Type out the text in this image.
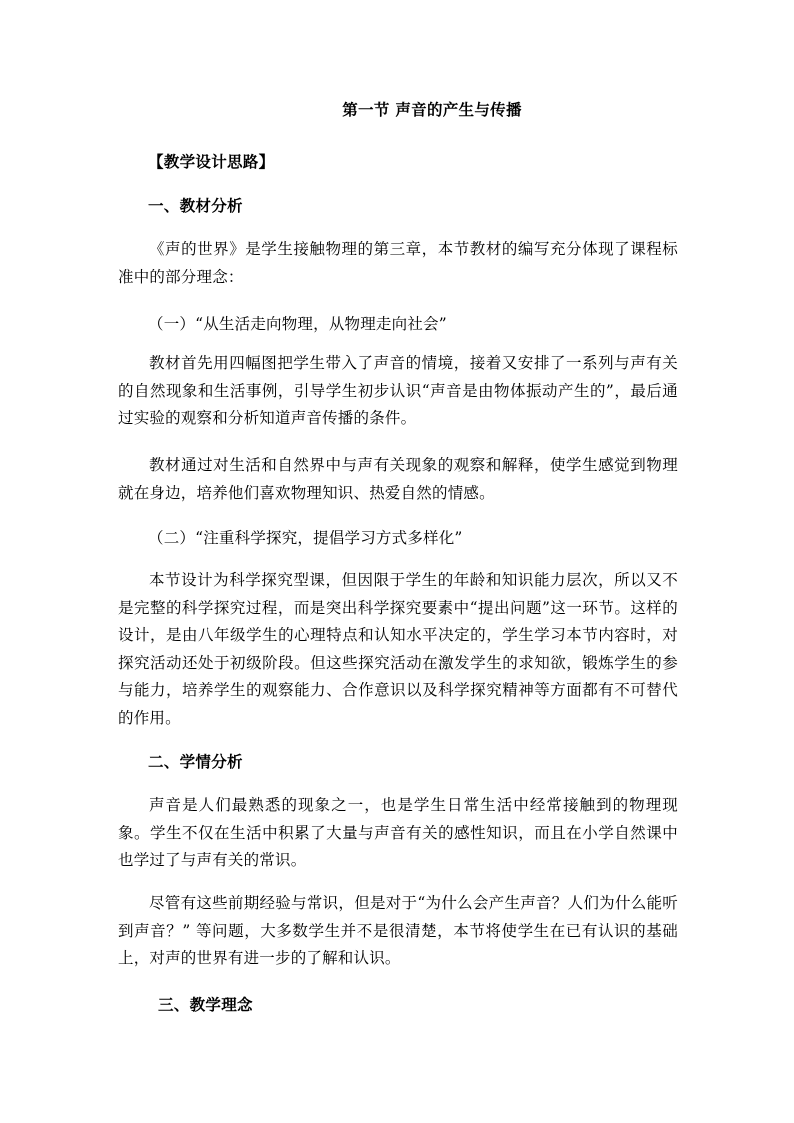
第一节 声音的产生与传播
【教学设计思路】
一、教材分析
《声的世界》是学生接触物理的第三章，本节教材的编写充分体现了课程标准中的部分理念：
（一）“从生活走向物理，从物理走向社会”
教材首先用四幅图把学生带入了声音的情境，接着又安排了一系列与声有关的自然现象和生活事例，引导学生初步认识“声音是由物体振动产生的”，最后通过实验的观察和分析知道声音传播的条件。
教材通过对生活和自然界中与声有关现象的观察和解释，使学生感觉到物理就在身边，培养他们喜欢物理知识、热爱自然的情感。
（二）“注重科学探究，提倡学习方式多样化”
本节设计为科学探究型课，但因限于学生的年龄和知识能力层次，所以又不是完整的科学探究过程，而是突出科学探究要素中“提出问题”这一环节。这样的设计，是由八年级学生的心理特点和认知水平决定的，学生学习本节内容时，对探究活动还处于初级阶段。但这些探究活动在激发学生的求知欲，锻炼学生的参与能力，培养学生的观察能力、合作意识以及科学探究精神等方面都有不可替代的作用。
二、学情分析
声音是人们最熟悉的现象之一，也是学生日常生活中经常接触到的物理现象。学生不仅在生活中积累了大量与声音有关的感性知识，而且在小学自然课中也学过了与声有关的常识。
尽管有这些前期经验与常识，但是对于“为什么会产生声音？人们为什么能听到声音？” 等问题，大多数学生并不是很清楚，本节将使学生在已有认识的基础上，对声的世界有进一步的了解和认识。
三、教学理念
